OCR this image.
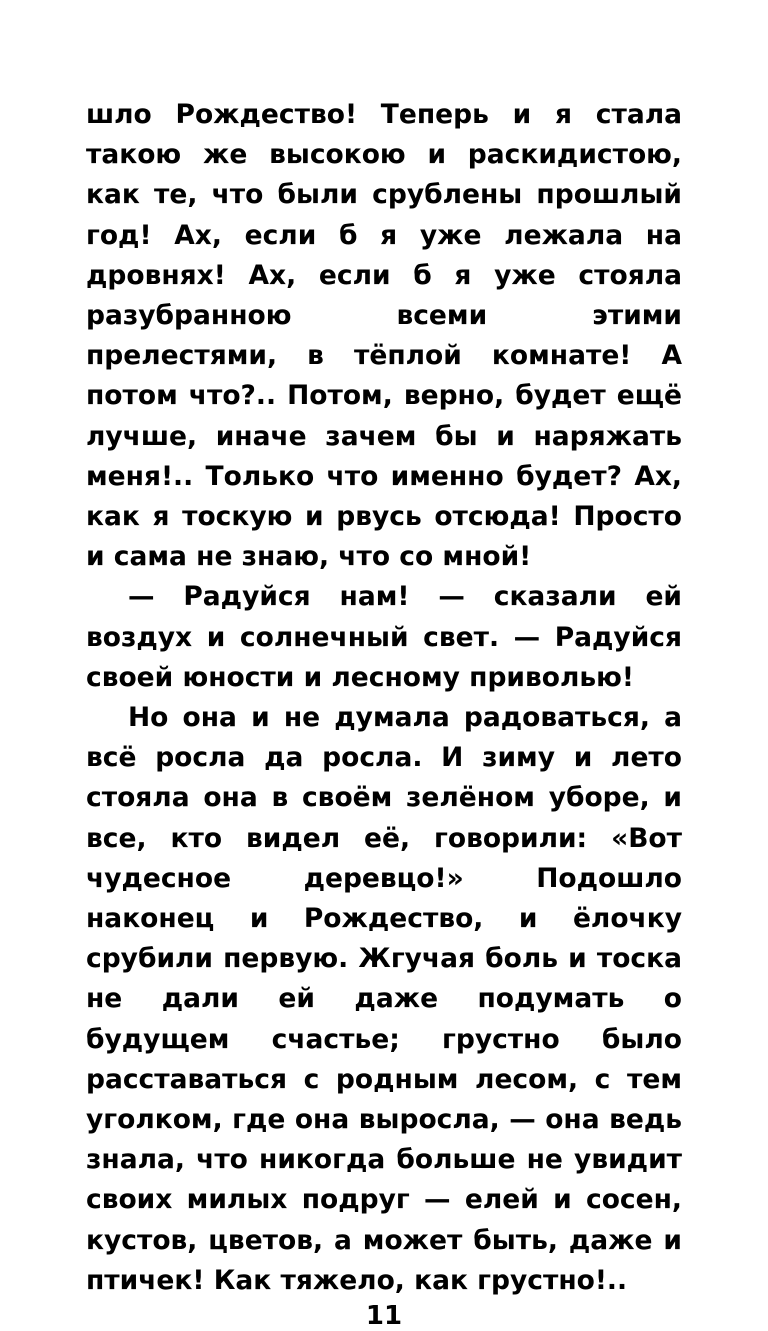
шло Рождество! Теперь и я стала такою же высокою и раскидистою, как те, что были срублены прошлый год! Ах, если б я уже лежала на дровнях! Ах, если б я уже стояла разубранною всеми этими прелестями, в тёплой комнате! А потом что?.. Потом, верно, будет ещё лучше, иначе зачем бы и наряжать меня!.. Только что именно будет? Ах, как я тоскую и рвусь отсюда! Просто и сама не знаю, что со мной!

— Радуйся нам! — сказали ей воздух и солнечный свет. — Радуйся своей юности и лесному приволью!

Но она и не думала радоваться, а всё росла да росла. И зиму и лето стояла она в своём зелёном уборе, и все, кто видел её, говорили: «Вот чудесное деревцо!» Подошло наконец и Рождество, и ёлочку срубили первую. Жгучая боль и тоска не дали ей даже подумать о будущем счастье; грустно было расставаться с родным лесом, с тем уголком, где она выросла, — она ведь знала, что никогда больше не увидит своих милых подруг — елей и сосен, кустов, цветов, а может быть, даже и птичек! Как тяжело, как грустно!..

11
